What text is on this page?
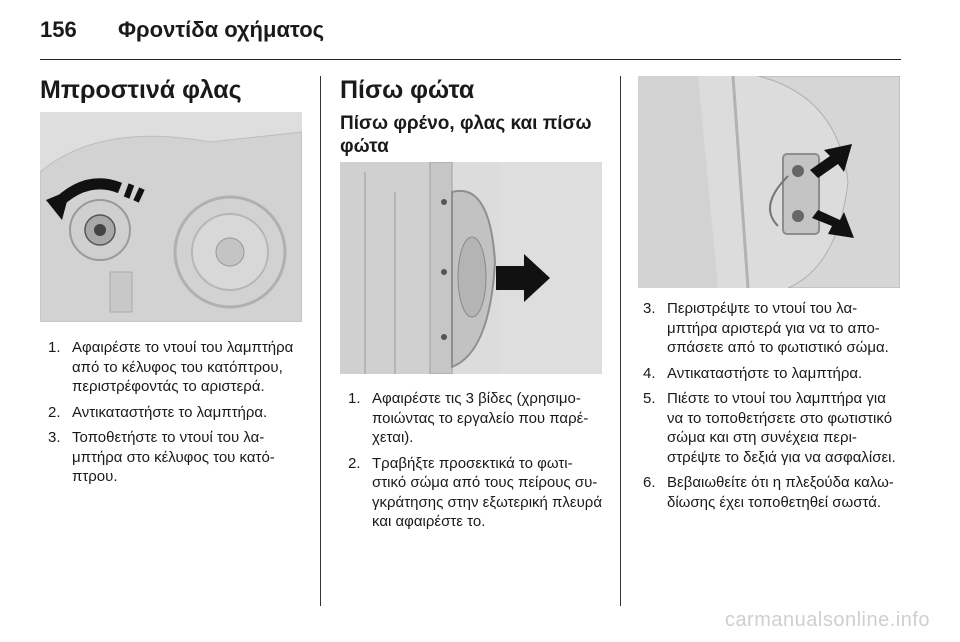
156 Φροντίδα οχήματος
Μπροστινά φλας
1. Αφαιρέστε το ντουί του λαμπτήρα από το κέλυφος του κατόπτρου, περιστρέφοντάς το αριστερά.
2. Αντικαταστήστε το λαμπτήρα.
3. Τοποθετήστε το ντουί του λα-μπτήρα στο κέλυφος του κατό-πτρου.
Πίσω φώτα
Πίσω φρένο, φλας και πίσω φώτα
1. Αφαιρέστε τις 3 βίδες (χρησιμο-ποιώντας το εργαλείο που παρέ-χεται).
2. Τραβήξτε προσεκτικά το φωτι-στικό σώμα από τους πείρους συ-γκράτησης στην εξωτερική πλευρά και αφαιρέστε το.
3. Περιστρέψτε το ντουί του λα-μπτήρα αριστερά για να το απο-σπάσετε από το φωτιστικό σώμα.
4. Αντικαταστήστε το λαμπτήρα.
5. Πιέστε το ντουί του λαμπτήρα για να το τοποθετήσετε στο φωτιστικό σώμα και στη συνέχεια περι-στρέψτε το δεξιά για να ασφαλίσει.
6. Βεβαιωθείτε ότι η πλεξούδα καλω-δίωσης έχει τοποθετηθεί σωστά.
carmanualsonline.info
